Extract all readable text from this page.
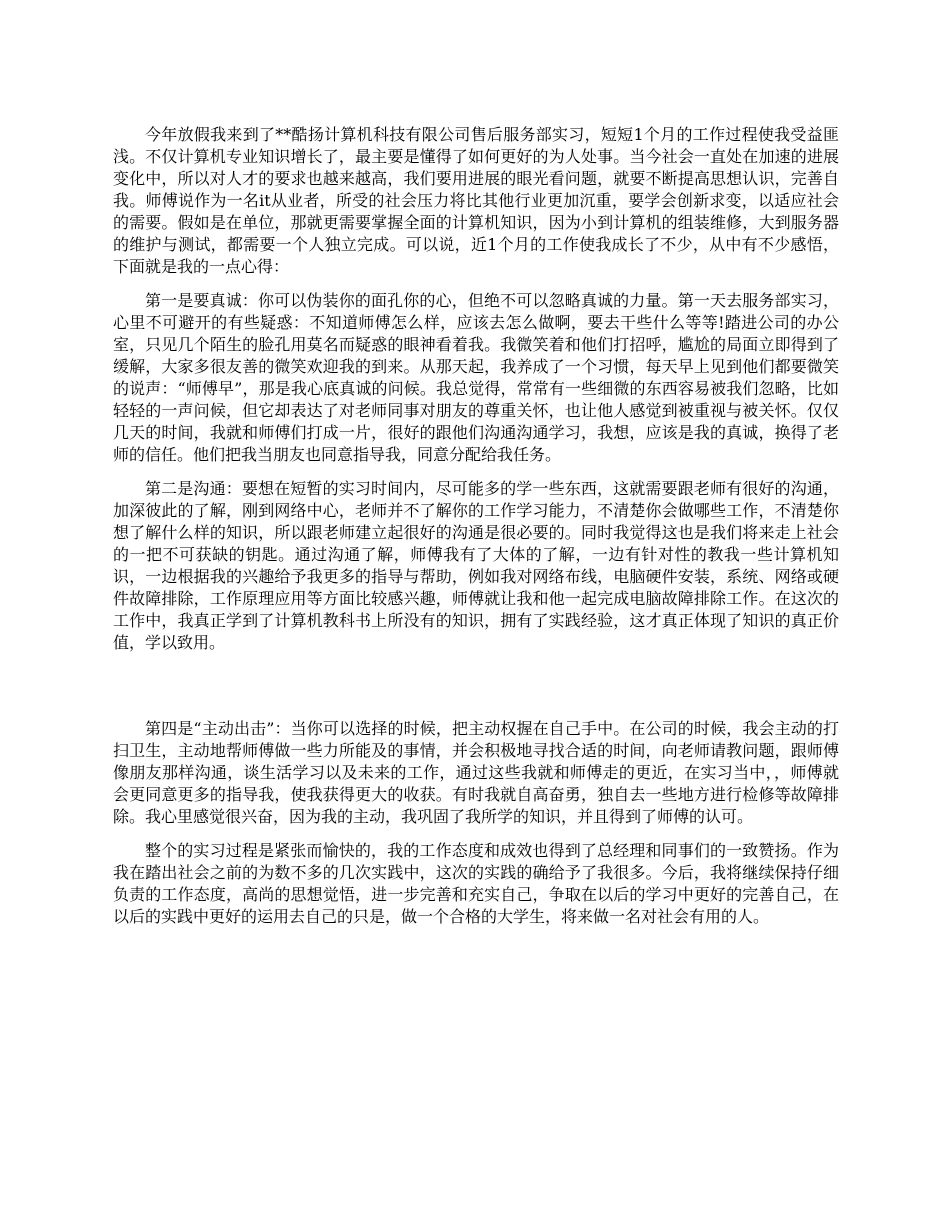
今年放假我来到了**酷扬计算机科技有限公司售后服务部实习，短短1个月的工作过程使我受益匪浅。不仅计算机专业知识增长了，最主要是懂得了如何更好的为人处事。当今社会一直处在加速的进展变化中，所以对人才的要求也越来越高，我们要用进展的眼光看问题，就要不断提高思想认识，完善自我。师傅说作为一名it从业者，所受的社会压力将比其他行业更加沉重，要学会创新求变，以适应社会的需要。假如是在单位，那就更需要掌握全面的计算机知识，因为小到计算机的组装维修，大到服务器的维护与测试，都需要一个人独立完成。可以说，近1个月的工作使我成长了不少，从中有不少感悟，下面就是我的一点心得：

第一是要真诚：你可以伪装你的面孔你的心，但绝不可以忽略真诚的力量。第一天去服务部实习，心里不可避开的有些疑惑：不知道师傅怎么样，应该去怎么做啊，要去干些什么等等!踏进公司的办公室，只见几个陌生的脸孔用莫名而疑惑的眼神看着我。我微笑着和他们打招呼，尴尬的局面立即得到了缓解，大家多很友善的微笑欢迎我的到来。从那天起，我养成了一个习惯，每天早上见到他们都要微笑的说声：“师傅早”，那是我心底真诚的问候。我总觉得，常常有一些细微的东西容易被我们忽略，比如轻轻的一声问候，但它却表达了对老师同事对朋友的尊重关怀，也让他人感觉到被重视与被关怀。仅仅几天的时间，我就和师傅们打成一片，很好的跟他们沟通沟通学习，我想，应该是我的真诚，换得了老师的信任。他们把我当朋友也同意指导我，同意分配给我任务。

第二是沟通：要想在短暂的实习时间内，尽可能多的学一些东西，这就需要跟老师有很好的沟通，加深彼此的了解，刚到网络中心，老师并不了解你的工作学习能力，不清楚你会做哪些工作，不清楚你想了解什么样的知识，所以跟老师建立起很好的沟通是很必要的。同时我觉得这也是我们将来走上社会的一把不可获缺的钥匙。通过沟通了解，师傅我有了大体的了解，一边有针对性的教我一些计算机知识，一边根据我的兴趣给予我更多的指导与帮助，例如我对网络布线，电脑硬件安装，系统、网络或硬件故障排除，工作原理应用等方面比较感兴趣，师傅就让我和他一起完成电脑故障排除工作。在这次的工作中，我真正学到了计算机教科书上所没有的知识，拥有了实践经验，这才真正体现了知识的真正价值，学以致用。

第四是“主动出击”：当你可以选择的时候，把主动权握在自己手中。在公司的时候，我会主动的打扫卫生，主动地帮师傅做一些力所能及的事情，并会积极地寻找合适的时间，向老师请教问题，跟师傅像朋友那样沟通，谈生活学习以及未来的工作，通过这些我就和师傅走的更近，在实习当中，，师傅就会更同意更多的指导我，使我获得更大的收获。有时我就自高奋勇，独自去一些地方进行检修等故障排除。我心里感觉很兴奋，因为我的主动，我巩固了我所学的知识，并且得到了师傅的认可。

整个的实习过程是紧张而愉快的，我的工作态度和成效也得到了总经理和同事们的一致赞扬。作为我在踏出社会之前的为数不多的几次实践中，这次的实践的确给予了我很多。今后，我将继续保持仔细负责的工作态度，高尚的思想觉悟，进一步完善和充实自己，争取在以后的学习中更好的完善自己，在以后的实践中更好的运用去自己的只是，做一个合格的大学生，将来做一名对社会有用的人。
